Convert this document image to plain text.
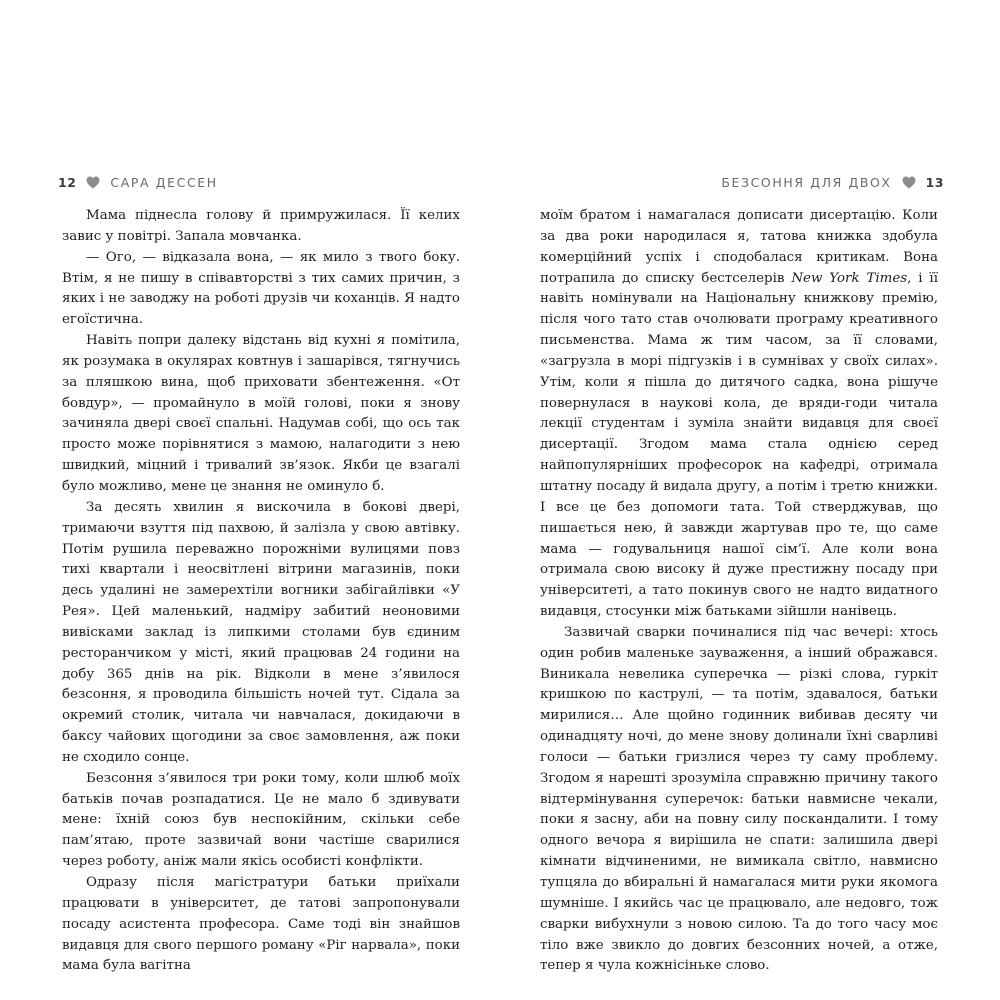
12	САРА ДЕССЕН

Мама піднесла голову й примружилася. Її келих завис у повітрі. Запала мовчанка.

— Ого, — відказала вона, — як мило з твого боку. Втім, я не пишу в співавторстві з тих самих причин, з яких і не заводжу на роботі друзів чи коханців. Я надто егоїстична.

Навіть попри далеку відстань від кухні я помітила, як розумака в окулярах ковтнув і зашарівся, тягнучись за пляшкою вина, щоб приховати збентеження. «От бовдур», — промайнуло в моїй голові, поки я знову зачиняла двері своєї спальні. Надумав собі, що ось так просто може порівнятися з мамою, налагодити з нею швидкий, міцний і тривалий зв’язок. Якби це взагалі було можливо, мене це знання не оминуло б.

За десять хвилин я вискочила в бокові двері, тримаючи взуття під пахвою, й залізла у свою автівку. Потім рушила переважно порожніми вулицями повз тихі квартали і неосвітлені вітрини магазинів, поки десь удалині не замерехтіли вогники забігайлівки «У Рея». Цей маленький, надміру забитий неоновими вивісками заклад із липкими столами був єдиним ресторанчиком у місті, який працював 24 години на добу 365 днів на рік. Відколи в мене з’явилося безсоння, я проводила більшість ночей тут. Сідала за окремий столик, читала чи навчалася, докидаючи в баксу чайових щогодини за своє замовлення, аж поки не сходило сонце.

Безсоння з’явилося три роки тому, коли шлюб моїх батьків почав розпадатися. Це не мало б здивувати мене: їхній союз був неспокійним, скільки себе пам’ятаю, проте зазвичай вони частіше сварилися через роботу, аніж мали якісь особисті конфлікти.

Одразу після магістратури батьки приїхали працювати в університет, де татові запропонували посаду асистента професора. Саме тоді він знайшов видавця для свого першого роману «Ріг нарвала», поки мама була вагітна

БЕЗСОННЯ ДЛЯ ДВОХ	13

моїм братом і намагалася дописати дисертацію. Коли за два роки народилася я, татова книжка здобула комерційний успіх і сподобалася критикам. Вона потрапила до списку бестселерів New York Times, і її навіть номінували на Національну книжкову премію, після чого тато став очолювати програму креативного письменства. Мама ж тим часом, за її словами, «загрузла в морі підгузків і в сумнівах у своїх силах». Утім, коли я пішла до дитячого садка, вона рішуче повернулася в наукові кола, де вряди-годи читала лекції студентам і зуміла знайти видавця для своєї дисертації. Згодом мама стала однією серед найпопулярніших професорок на кафедрі, отримала штатну посаду й видала другу, а потім і третю книжки. І все це без допомоги тата. Той стверджував, що пишається нею, й завжди жартував про те, що саме мама — годувальниця нашої сім’ї. Але коли вона отримала свою високу й дуже престижну посаду при університеті, а тато покинув свого не надто видатного видавця, стосунки між батьками зійшли нанівець.

Зазвичай сварки починалися під час вечері: хтось один робив маленьке зауваження, а інший ображався. Виникала невелика суперечка — різкі слова, гуркіт кришкою по каструлі, — та потім, здавалося, батьки мирилися… Але щойно годинник вибивав десяту чи одинадцяту ночі, до мене знову долинали їхні сварливі голоси — батьки гризлися через ту саму проблему. Згодом я нарешті зрозуміла справжню причину такого відтермінування суперечок: батьки навмисне чекали, поки я засну, аби на повну силу поскандалити. І тому одного вечора я вирішила не спати: залишила двері кімнати відчиненими, не вимикала світло, навмисно тупцяла до вбиральні й намагалася мити руки якомога шумніше. І якийсь час це працювало, але недовго, тож сварки вибухнули з новою силою. Та до того часу моє тіло вже звикло до довгих безсонних ночей, а отже, тепер я чула кожнісіньке слово.
